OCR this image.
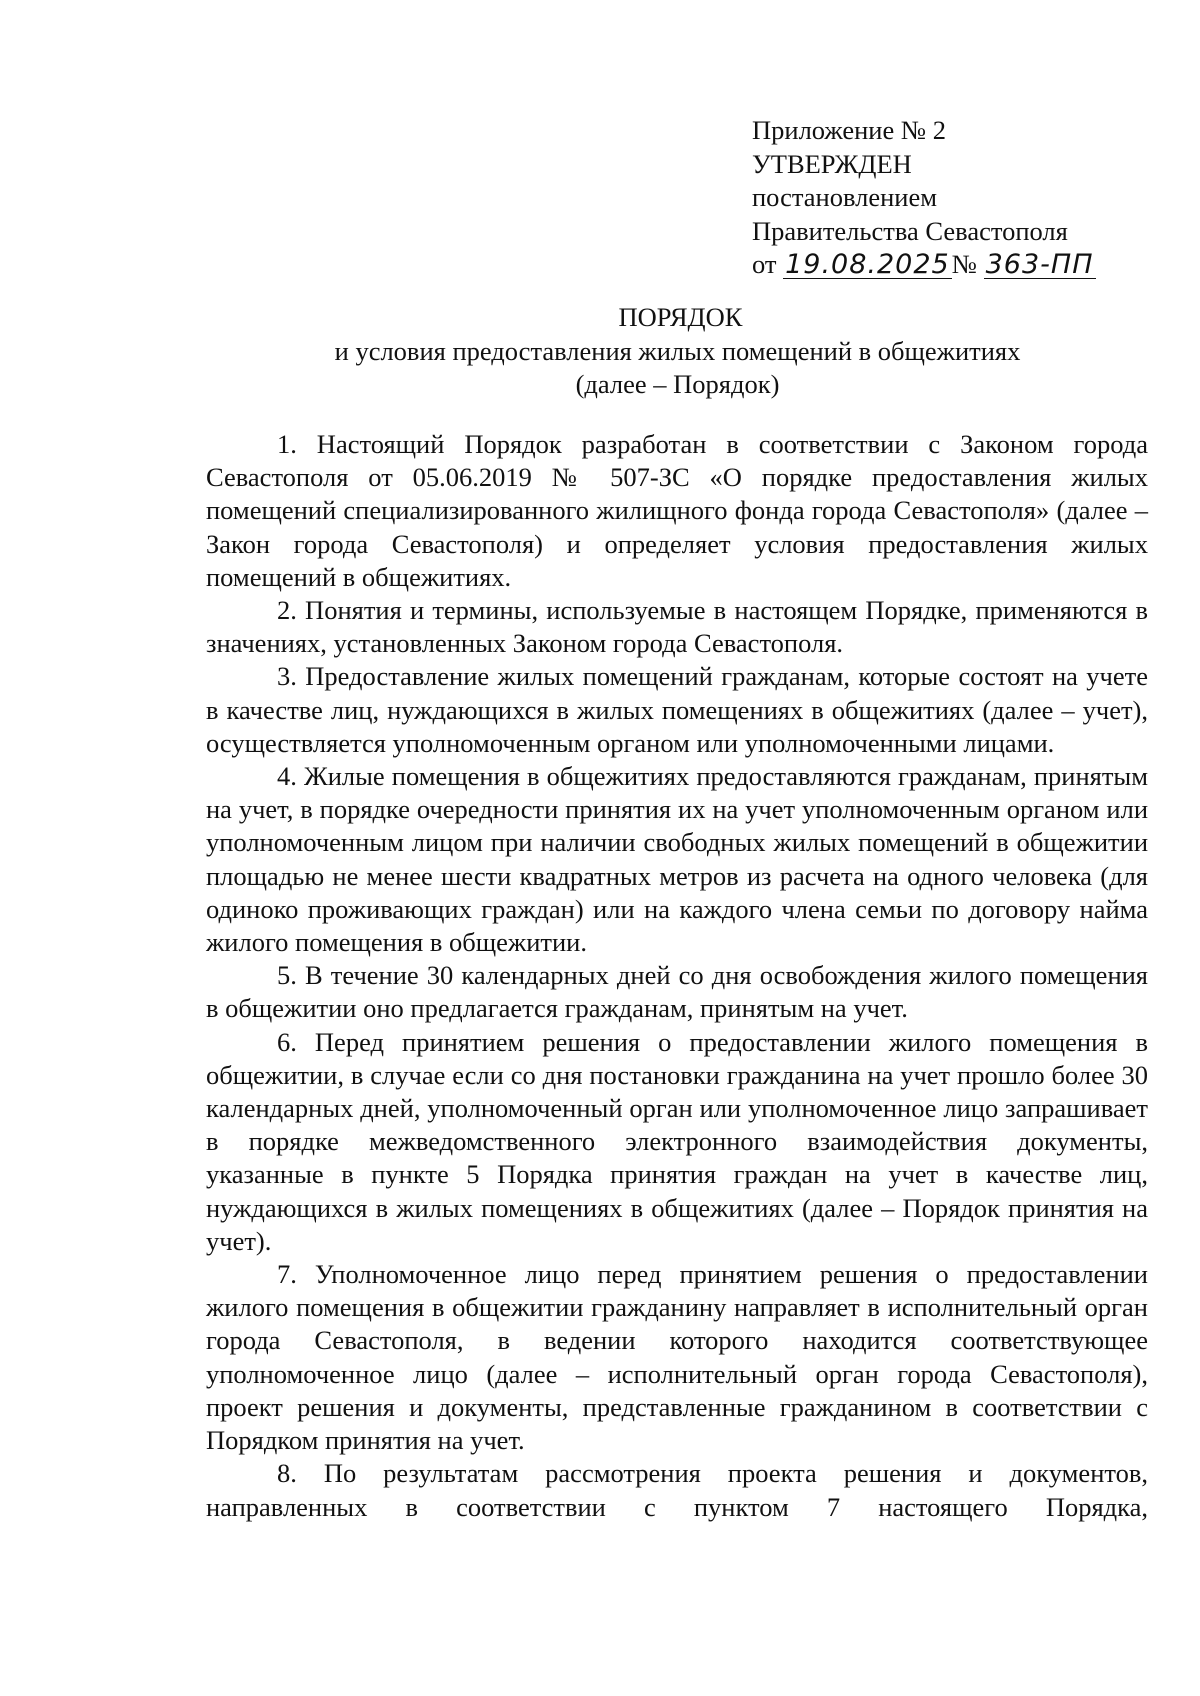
Приложение № 2
УТВЕРЖДЕН
постановлением
Правительства Севастополя
от 19.08.2025№ 363-ПП
ПОРЯДОК
и условия предоставления жилых помещений в общежитиях
(далее – Порядок)

1. Настоящий Порядок разработан в соответствии с Законом города Севастополя от 05.06.2019 № 507-ЗС «О порядке предоставления жилых помещений специализированного жилищного фонда города Севастополя» (далее – Закон города Севастополя) и определяет условия предоставления жилых помещений в общежитиях.

2. Понятия и термины, используемые в настоящем Порядке, применяются в значениях, установленных Законом города Севастополя.

3. Предоставление жилых помещений гражданам, которые состоят на учете в качестве лиц, нуждающихся в жилых помещениях в общежитиях (далее – учет), осуществляется уполномоченным органом или уполномоченными лицами.

4. Жилые помещения в общежитиях предоставляются гражданам, принятым на учет, в порядке очередности принятия их на учет уполномоченным органом или уполномоченным лицом при наличии свободных жилых помещений в общежитии площадью не менее шести квадратных метров из расчета на одного человека (для одиноко проживающих граждан) или на каждого члена семьи по договору найма жилого помещения в общежитии.

5. В течение 30 календарных дней со дня освобождения жилого помещения в общежитии оно предлагается гражданам, принятым на учет.

6. Перед принятием решения о предоставлении жилого помещения в общежитии, в случае если со дня постановки гражданина на учет прошло более 30 календарных дней, уполномоченный орган или уполномоченное лицо запрашивает в порядке межведомственного электронного взаимодействия документы, указанные в пункте 5 Порядка принятия граждан на учет в качестве лиц, нуждающихся в жилых помещениях в общежитиях (далее – Порядок принятия на учет).

7. Уполномоченное лицо перед принятием решения о предоставлении жилого помещения в общежитии гражданину направляет в исполнительный орган города Севастополя, в ведении которого находится соответствующее уполномоченное лицо (далее – исполнительный орган города Севастополя), проект решения и документы, представленные гражданином в соответствии с Порядком принятия на учет.

8. По результатам рассмотрения проекта решения и документов, направленных в соответствии с пунктом 7 настоящего Порядка,
